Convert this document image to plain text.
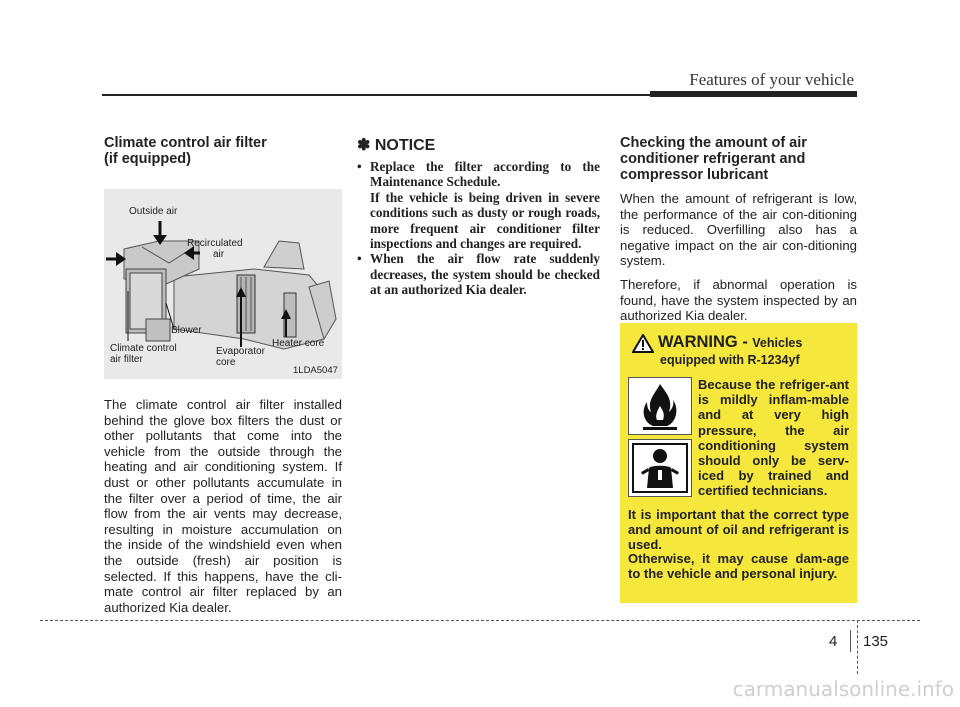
Features of your vehicle
Climate control air filter
(if equipped)
Outside air
Recirculated
air
Blower
Climate control
air filter
Evaporator
core
Heater core
1LDA5047

The climate control air filter installed behind the glove box filters the dust or other pollutants that come into the vehicle from the outside through the heating and air conditioning system. If dust or other pollutants accumulate in the filter over a period of time, the air flow from the air vents may decrease, resulting in moisture accumulation on the inside of the windshield even when the outside (fresh) air position is selected. If this happens, have the cli-mate control air filter replaced by an authorized Kia dealer.

✽ NOTICE
• Replace the filter according to the Maintenance Schedule.
If the vehicle is being driven in severe conditions such as dusty or rough roads, more frequent air conditioner filter inspections and changes are required.
• When the air flow rate suddenly decreases, the system should be checked at an authorized Kia dealer.
Checking the amount of air conditioner refrigerant and compressor lubricant

When the amount of refrigerant is low, the performance of the air con-ditioning is reduced. Overfilling also has a negative impact on the air con-ditioning system.

Therefore, if abnormal operation is found, have the system inspected by an authorized Kia dealer.

WARNING - Vehicles
equipped with R-1234yf

Because the refriger-ant is mildly inflam-mable and at very high pressure, the air conditioning system should only be serv-iced by trained and certified technicians.

It is important that the correct type and amount of oil and refrigerant is used.

Otherwise, it may cause dam-age to the vehicle and personal injury.

4 135
carmanualsonline.info
